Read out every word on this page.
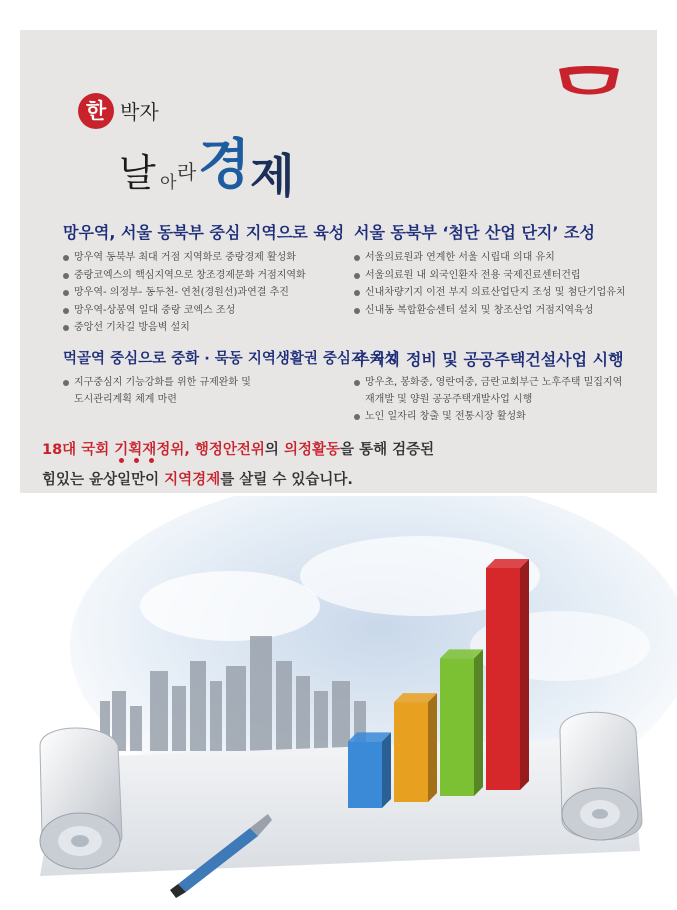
한 박자
날 아 라 경 제
망우역, 서울 동북부 중심 지역으로 육성
망우역 동북부 최대 거점 지역화로 중랑경제 활성화
중랑코엑스의 핵심지역으로 창조경제문화 거점지역화
망우역- 의정부- 동두천- 연천(경원선)과연결 추진
망우역-상봉역 일대 중랑 코엑스 조성
중앙선 기차길 방음벽 설치
서울 동북부 ‘첨단 산업 단지’ 조성
서울의료원과 연계한 서울 시립대 의대 유치
서울의료원 내 외국인환자 전용 국제진료센터건립
신내차량기지 이전 부지 의료산업단지 조성 및 첨단기업유치
신내동 복합환승센터 설치 및 창조산업 거점지역육성
먹골역 중심으로 중화 · 묵동 지역생활권 중심지 육성
지구중심지 기능강화를 위한 규제완화 및
도시관리계획 체계 마련
주거지 정비 및 공공주택건설사업 시행
망우초, 봉화중, 영란여중, 금란교회부근 노후주택 밀집지역
재개발 및 양원 공공주택개발사업 시행
노인 일자리 창출 및 전통시장 활성화
18대 국회 기획재정위, 행정안전위의 의정활동을 통해 검증된
힘있는 윤상일만이 지역경제를 살릴 수 있습니다.
